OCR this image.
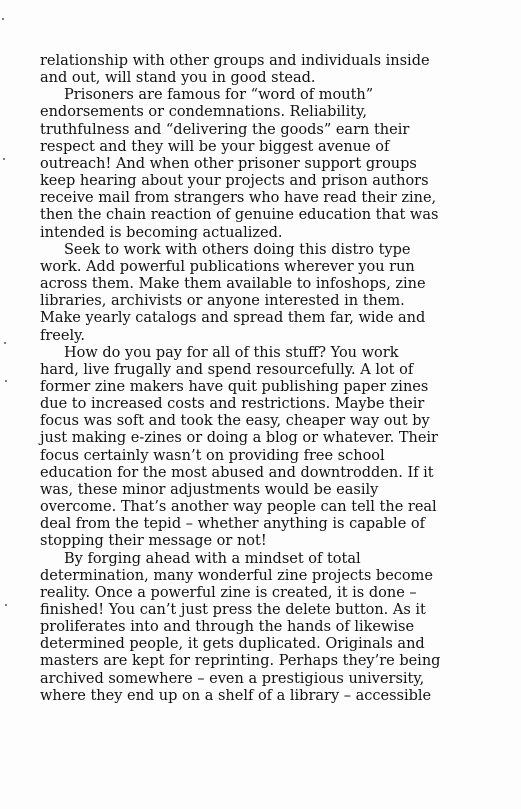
relationship with other groups and individuals inside
and out, will stand you in good stead.
Prisoners are famous for “word of mouth”
endorsements or condemnations. Reliability,
truthfulness and “delivering the goods” earn their
respect and they will be your biggest avenue of
outreach! And when other prisoner support groups
keep hearing about your projects and prison authors
receive mail from strangers who have read their zine,
then the chain reaction of genuine education that was
intended is becoming actualized.
Seek to work with others doing this distro type
work. Add powerful publications wherever you run
across them. Make them available to infoshops, zine
libraries, archivists or anyone interested in them.
Make yearly catalogs and spread them far, wide and
freely.
How do you pay for all of this stuff? You work
hard, live frugally and spend resourcefully. A lot of
former zine makers have quit publishing paper zines
due to increased costs and restrictions. Maybe their
focus was soft and took the easy, cheaper way out by
just making e-zines or doing a blog or whatever. Their
focus certainly wasn’t on providing free school
education for the most abused and downtrodden. If it
was, these minor adjustments would be easily
overcome. That’s another way people can tell the real
deal from the tepid – whether anything is capable of
stopping their message or not!
By forging ahead with a mindset of total
determination, many wonderful zine projects become
reality. Once a powerful zine is created, it is done –
finished! You can’t just press the delete button. As it
proliferates into and through the hands of likewise
determined people, it gets duplicated. Originals and
masters are kept for reprinting. Perhaps they’re being
archived somewhere – even a prestigious university,
where they end up on a shelf of a library – accessible
